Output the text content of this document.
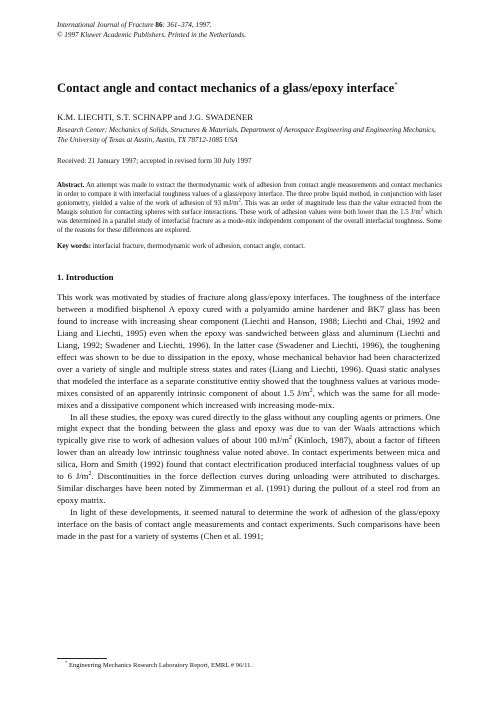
International Journal of Fracture 86: 361–374, 1997.
© 1997 Kluwer Academic Publishers. Printed in the Netherlands.
Contact angle and contact mechanics of a glass/epoxy interface*
K.M. LIECHTI, S.T. SCHNAPP and J.G. SWADENER
Research Center: Mechanics of Solids, Structures & Materials, Department of Aerospace Engineering and Engineering Mechanics, The University of Texas at Austin, Austin, TX 78712-1085 USA
Received: 21 January 1997; accepted in revised form 30 July 1997
Abstract. An attempt was made to extract the thermodynamic work of adhesion from contact angle measurements and contact mechanics in order to compare it with interfacial toughness values of a glass/epoxy interface. The three probe liquid method, in conjunction with laser goniometry, yielded a value of the work of adhesion of 93 $mJ/m^2$. This was an order of magnitude less than the value extracted from the Maugis solution for contacting spheres with surface interactions. These work of adhesion values were both lower than the 1.5 $J/m^2$ which was determined in a parallel study of interfacial fracture as a mode-mix independent component of the overall interfacial toughness. Some of the reasons for these differences are explored.
Key words: interfacial fracture, thermodynamic work of adhesion, contact angle, contact.
1. Introduction

This work was motivated by studies of fracture along glass/epoxy interfaces. The toughness of the interface between a modified bisphenol A epoxy cured with a polyamido amine hardener and BK7 glass has been found to increase with increasing shear component (Liechti and Hanson, 1988; Liechti and Chai, 1992 and Liang and Liechti, 1995) even when the epoxy was sandwiched between glass and aluminum (Liechti and Liang, 1992; Swadener and Liechti, 1996). In the latter case (Swadener and Liechti, 1996), the toughening effect was shown to be due to dissipation in the epoxy, whose mechanical behavior had been characterized over a variety of single and multiple stress states and rates (Liang and Liechti, 1996). Quasi static analyses that modeled the interface as a separate constitutive entity showed that the toughness values at various mode-mixes consisted of an apparently intrinsic component of about 1.5 $J/m^2$, which was the same for all mode-mixes and a dissipative component which increased with increasing mode-mix.

In all these studies, the epoxy was cured directly to the glass without any coupling agents or primers. One might expect that the bonding between the glass and epoxy was due to van der Waals attractions which typically give rise to work of adhesion values of about 100 $mJ/m^2$ (Kinloch, 1987), about a factor of fifteen lower than an already low intrinsic toughness value noted above. In contact experiments between mica and silica, Horn and Smith (1992) found that contact electrification produced interfacial toughness values of up to 6 $J/m^2$. Discontinuities in the force deflection curves during unloading were attributed to discharges. Similar discharges have been noted by Zimmerman et al. (1991) during the pullout of a steel rod from an epoxy matrix.

In light of these developments, it seemed natural to determine the work of adhesion of the glass/epoxy interface on the basis of contact angle measurements and contact experiments. Such comparisons have been made in the past for a variety of systems (Chen et al. 1991;

* Engineering Mechanics Research Laboratory Report, EMRL # 96/11.
